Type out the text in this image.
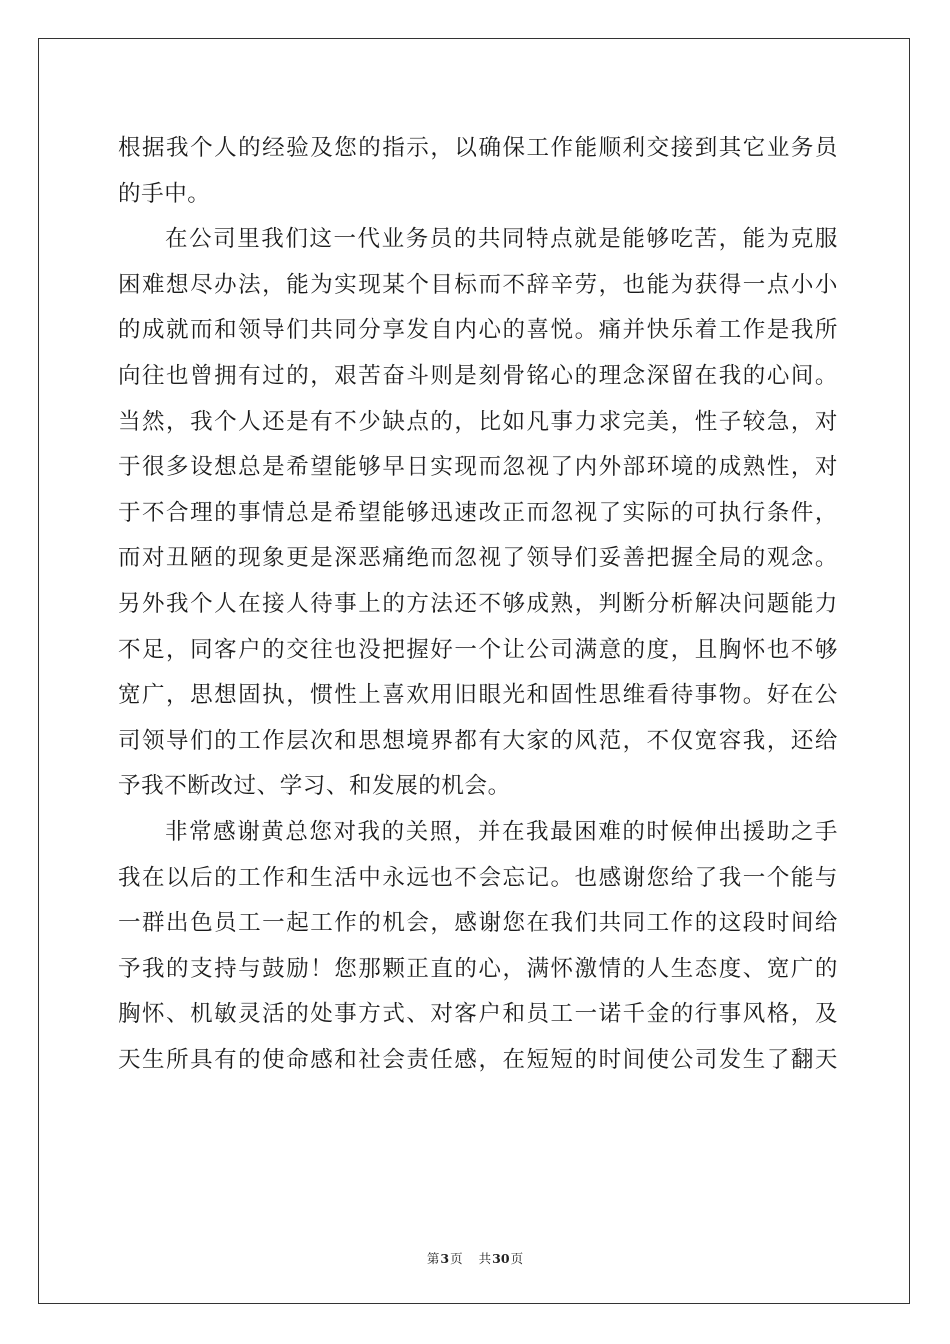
根据我个人的经验及您的指示，以确保工作能顺利交接到其它业务员
的手中。
在公司里我们这一代业务员的共同特点就是能够吃苦，能为克服
困难想尽办法，能为实现某个目标而不辞辛劳，也能为获得一点小小
的成就而和领导们共同分享发自内心的喜悦。痛并快乐着工作是我所
向往也曾拥有过的，艰苦奋斗则是刻骨铭心的理念深留在我的心间。
当然，我个人还是有不少缺点的，比如凡事力求完美，性子较急，对
于很多设想总是希望能够早日实现而忽视了内外部环境的成熟性，对
于不合理的事情总是希望能够迅速改正而忽视了实际的可执行条件，
而对丑陋的现象更是深恶痛绝而忽视了领导们妥善把握全局的观念。
另外我个人在接人待事上的方法还不够成熟，判断分析解决问题能力
不足，同客户的交往也没把握好一个让公司满意的度，且胸怀也不够
宽广，思想固执，惯性上喜欢用旧眼光和固性思维看待事物。好在公
司领导们的工作层次和思想境界都有大家的风范，不仅宽容我，还给
予我不断改过、学习、和发展的机会。
非常感谢黄总您对我的关照，并在我最困难的时候伸出援助之手
我在以后的工作和生活中永远也不会忘记。也感谢您给了我一个能与
一群出色员工一起工作的机会，感谢您在我们共同工作的这段时间给
予我的支持与鼓励！您那颗正直的心，满怀激情的人生态度、宽广的
胸怀、机敏灵活的处事方式、对客户和员工一诺千金的行事风格，及
天生所具有的使命感和社会责任感，在短短的时间使公司发生了翻天
第3页 共30页
